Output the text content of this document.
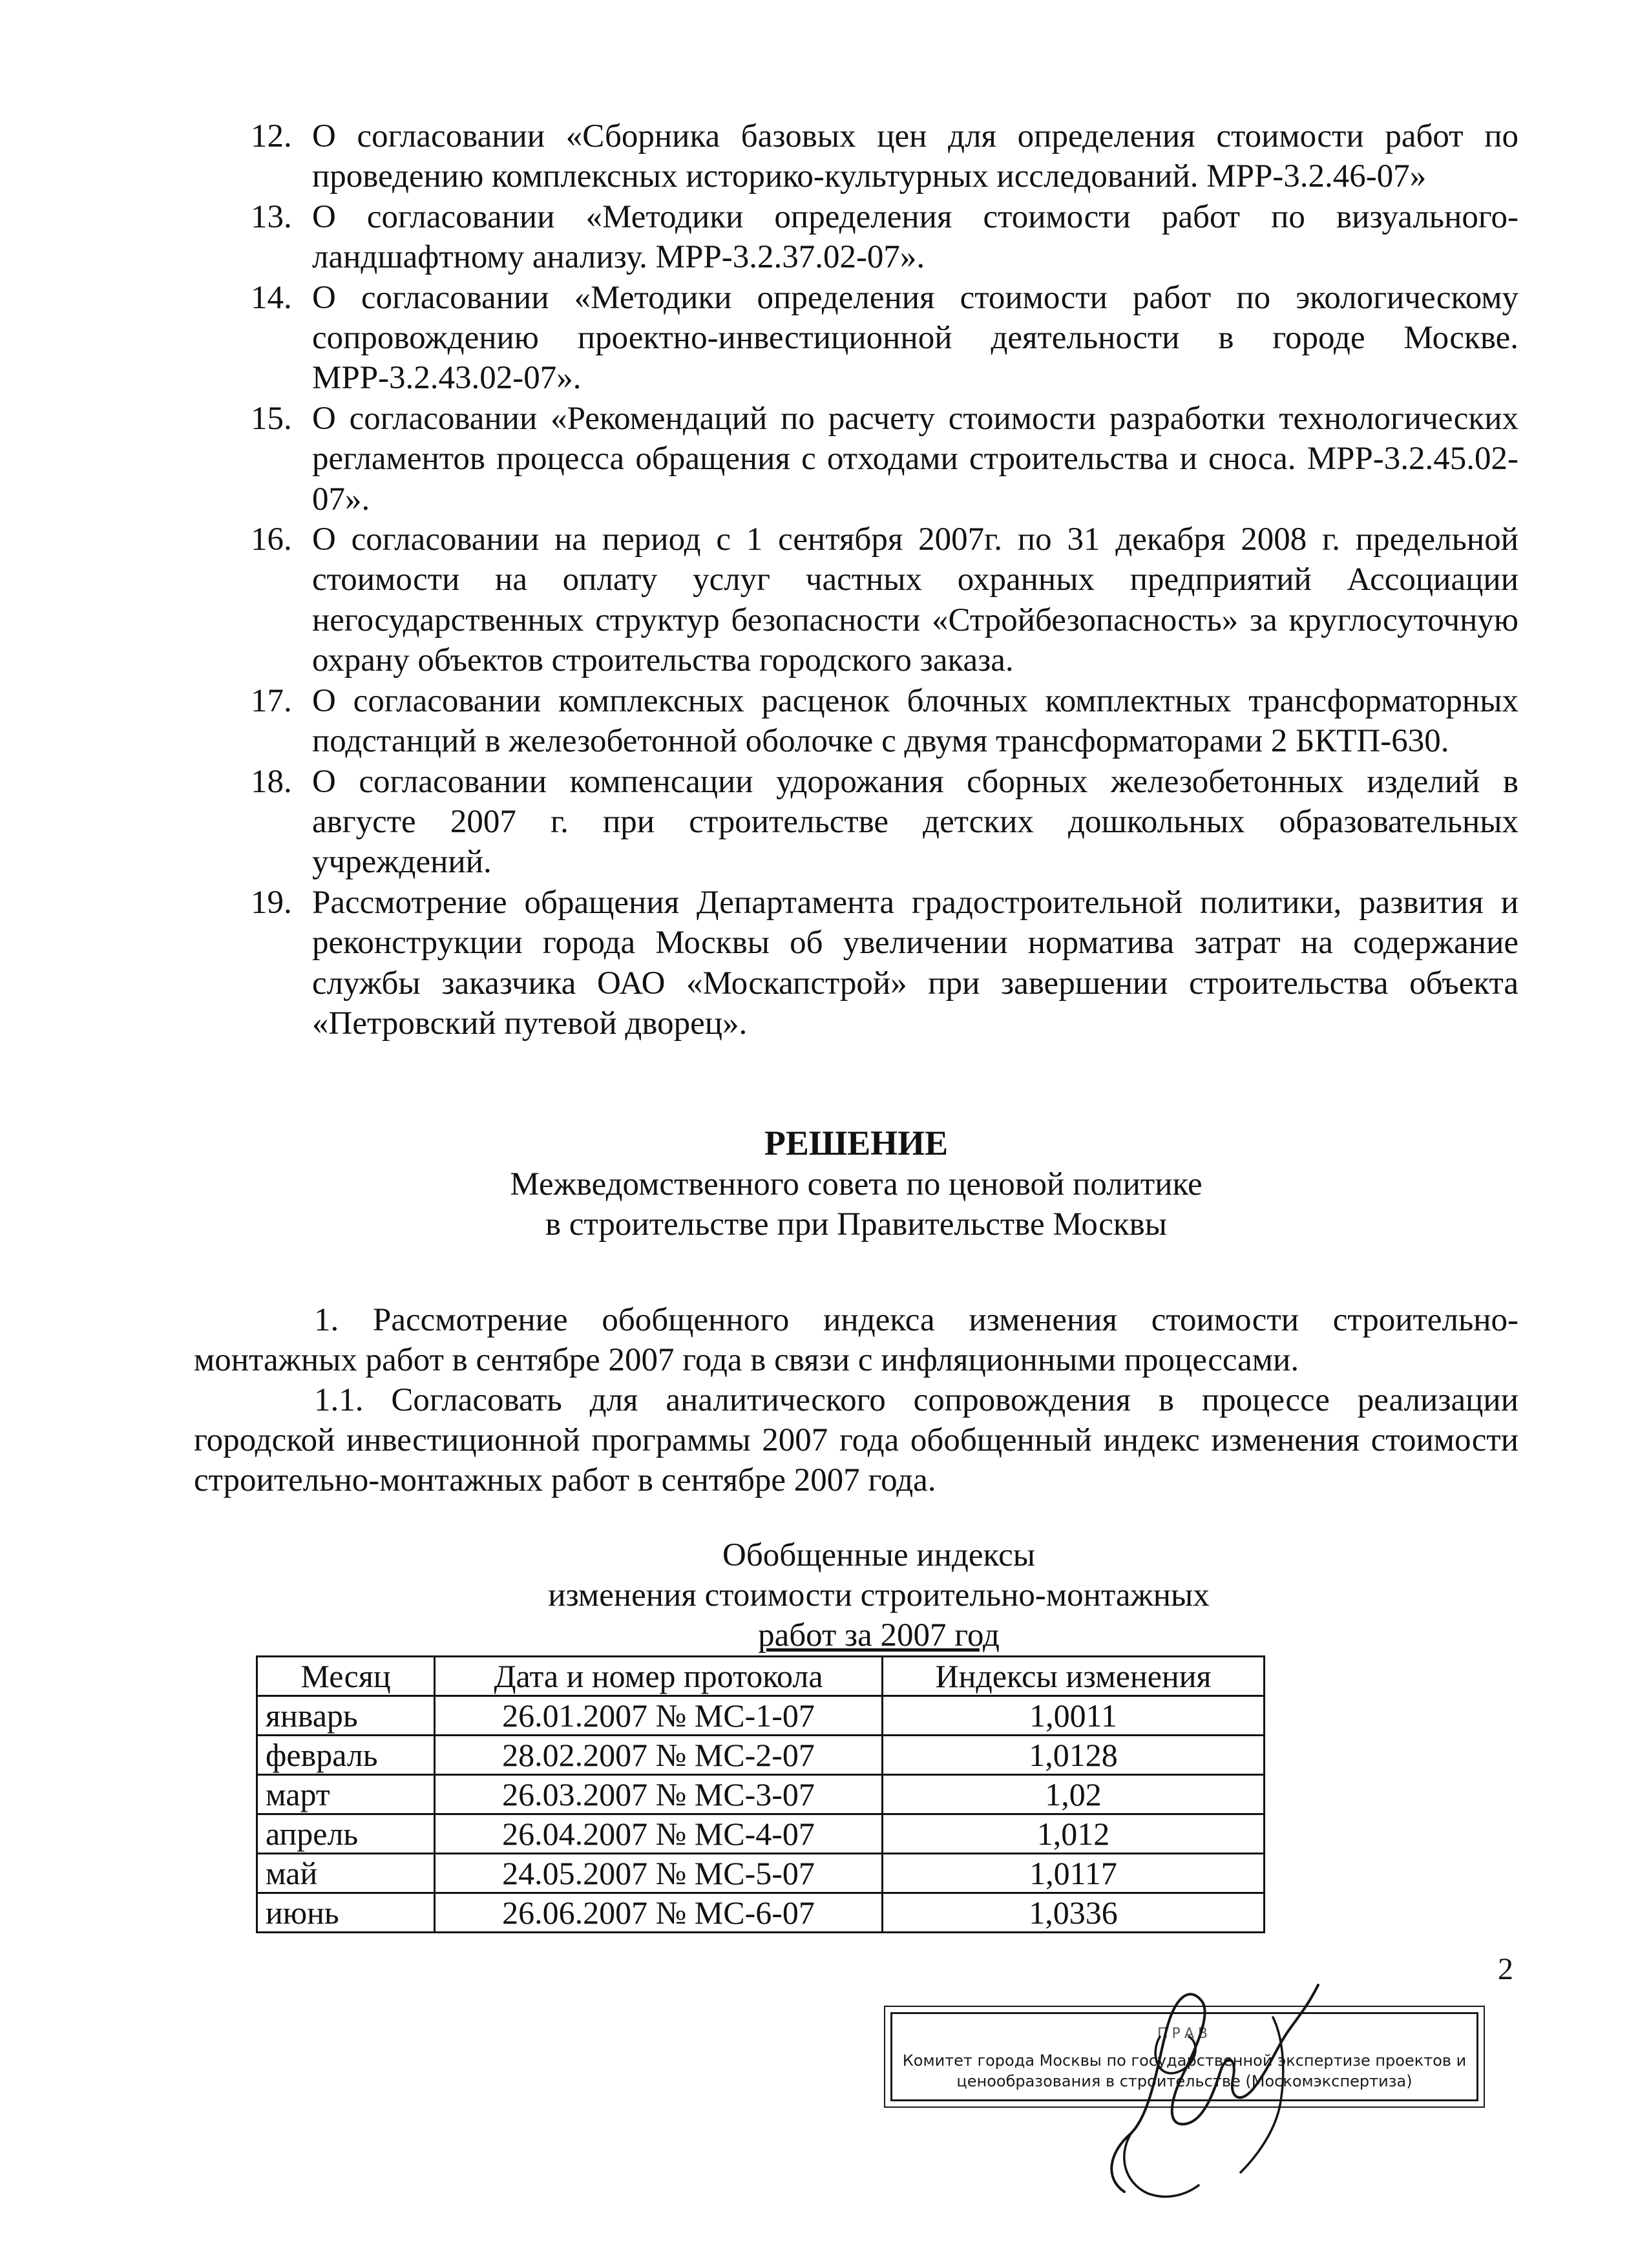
12. О согласовании «Сборника базовых цен для определения стоимости работ по проведению комплексных историко-культурных исследований. МРР-3.2.46-07»
13. О согласовании «Методики определения стоимости работ по визуального-ландшафтному анализу. МРР-3.2.37.02-07».
14. О согласовании «Методики определения стоимости работ по экологическому сопровождению проектно-инвестиционной деятельности в городе Москве. МРР-3.2.43.02-07».
15. О согласовании «Рекомендаций по расчету стоимости разработки технологических регламентов процесса обращения с отходами строительства и сноса. МРР-3.2.45.02-07».
16. О согласовании на период с 1 сентября 2007г. по 31 декабря 2008 г. предельной стоимости на оплату услуг частных охранных предприятий Ассоциации негосударственных структур безопасности «Стройбезопасность» за круглосуточную охрану объектов строительства городского заказа.
17. О согласовании комплексных расценок блочных комплектных трансформаторных подстанций в железобетонной оболочке с двумя трансформаторами 2 БКТП-630.
18. О согласовании компенсации удорожания сборных железобетонных изделий в августе 2007 г. при строительстве детских дошкольных образовательных учреждений.
19. Рассмотрение обращения Департамента градостроительной политики, развития и реконструкции города Москвы об увеличении норматива затрат на содержание службы заказчика ОАО «Москапстрой» при завершении строительства объекта «Петровский путевой дворец».
РЕШЕНИЕ
Межведомственного совета по ценовой политике
в строительстве при Правительстве Москвы
1. Рассмотрение обобщенного индекса изменения стоимости строительно-монтажных работ в сентябре 2007 года в связи с инфляционными процессами.
1.1. Согласовать для аналитического сопровождения в процессе реализации городской инвестиционной программы 2007 года обобщенный индекс изменения стоимости строительно-монтажных работ в сентябре 2007 года.
Обобщенные индексы
изменения стоимости строительно-монтажных
работ за 2007 год
Месяц	Дата и номер протокола	Индексы изменения
январь	26.01.2007 № МС-1-07	1,0011
февраль	28.02.2007 № МС-2-07	1,0128
март	26.03.2007 № МС-3-07	1,02
апрель	26.04.2007 № МС-4-07	1,012
май	24.05.2007 № МС-5-07	1,0117
июнь	26.06.2007 № МС-6-07	1,0336
2
ПРАВ
Комитет города Москвы по государственной экспертизе проектов и
ценообразования в строительстве (Москомэкспертиза)
